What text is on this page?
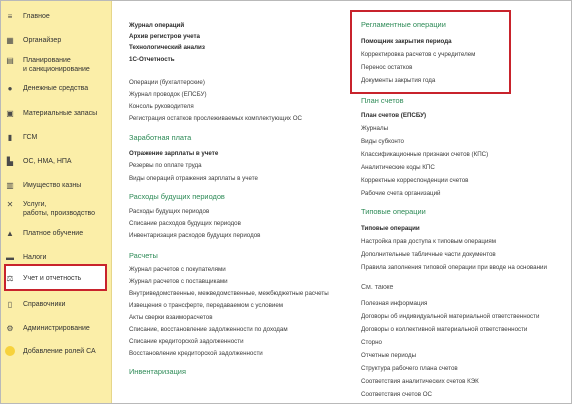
≡	Главное
▦ Органайзер
▤ Планирование
и санкционирование
●	Денежные средства
▣ Материальные запасы
▮	ГСМ
▙ ОС, НМА, НПА
▥ Имущество казны
✕ Услуги,
работы, производство
▲ Платное обучение
▬ Налоги
⚖ Учет и отчетность
▯	Справочники
⚙ Администрирование
Добавление ролей СА
Журнал операций
Архив регистров учета
Технологический анализ
1С-Отчетность
Операции (бухгалтерские)
Журнал проводок (ЕПСБУ)
Консоль руководителя
Регистрация остатков прослеживаемых комплектующих ОС
Заработная плата
Отражение зарплаты в учете
Резервы по оплате труда
Виды операций отражения зарплаты в учете
Расходы будущих периодов
Расходы будущих периодов
Списание расходов будущих периодов
Инвентаризация расходов будущих периодов
Расчеты
Журнал расчетов с покупателями
Журнал расчетов с поставщиками
Внутриведомственные, межведомственные, межбюджетные расчеты
Извещения о трансферте, передаваемом с условием
Акты сверки взаиморасчетов
Списание, восстановление задолженности по доходам
Списание кредиторской задолженности
Восстановление кредиторской задолженности
Инвентаризация
Регламентные операции
Помощник закрытия периода
Корректировка расчетов с учредителем
Перенос остатков
Документы закрытия года
План счетов
План счетов (ЕПСБУ)
Журналы
Виды субконто
Классификационные признаки счетов (КПС)
Аналитические коды КПС
Корректные корреспонденции счетов
Рабочие счета организаций
Типовые операции
Типовые операции
Настройка прав доступа к типовым операциям
Дополнительные табличные части документов
Правила заполнения типовой операции при вводе на основании
См. также
Полезная информация
Договоры об индивидуальной материальной ответственности
Договоры о коллективной материальной ответственности
Сторно
Отчетные периоды
Структура рабочего плана счетов
Соответствия аналитических счетов КЭК
Соответствия счетов ОС
